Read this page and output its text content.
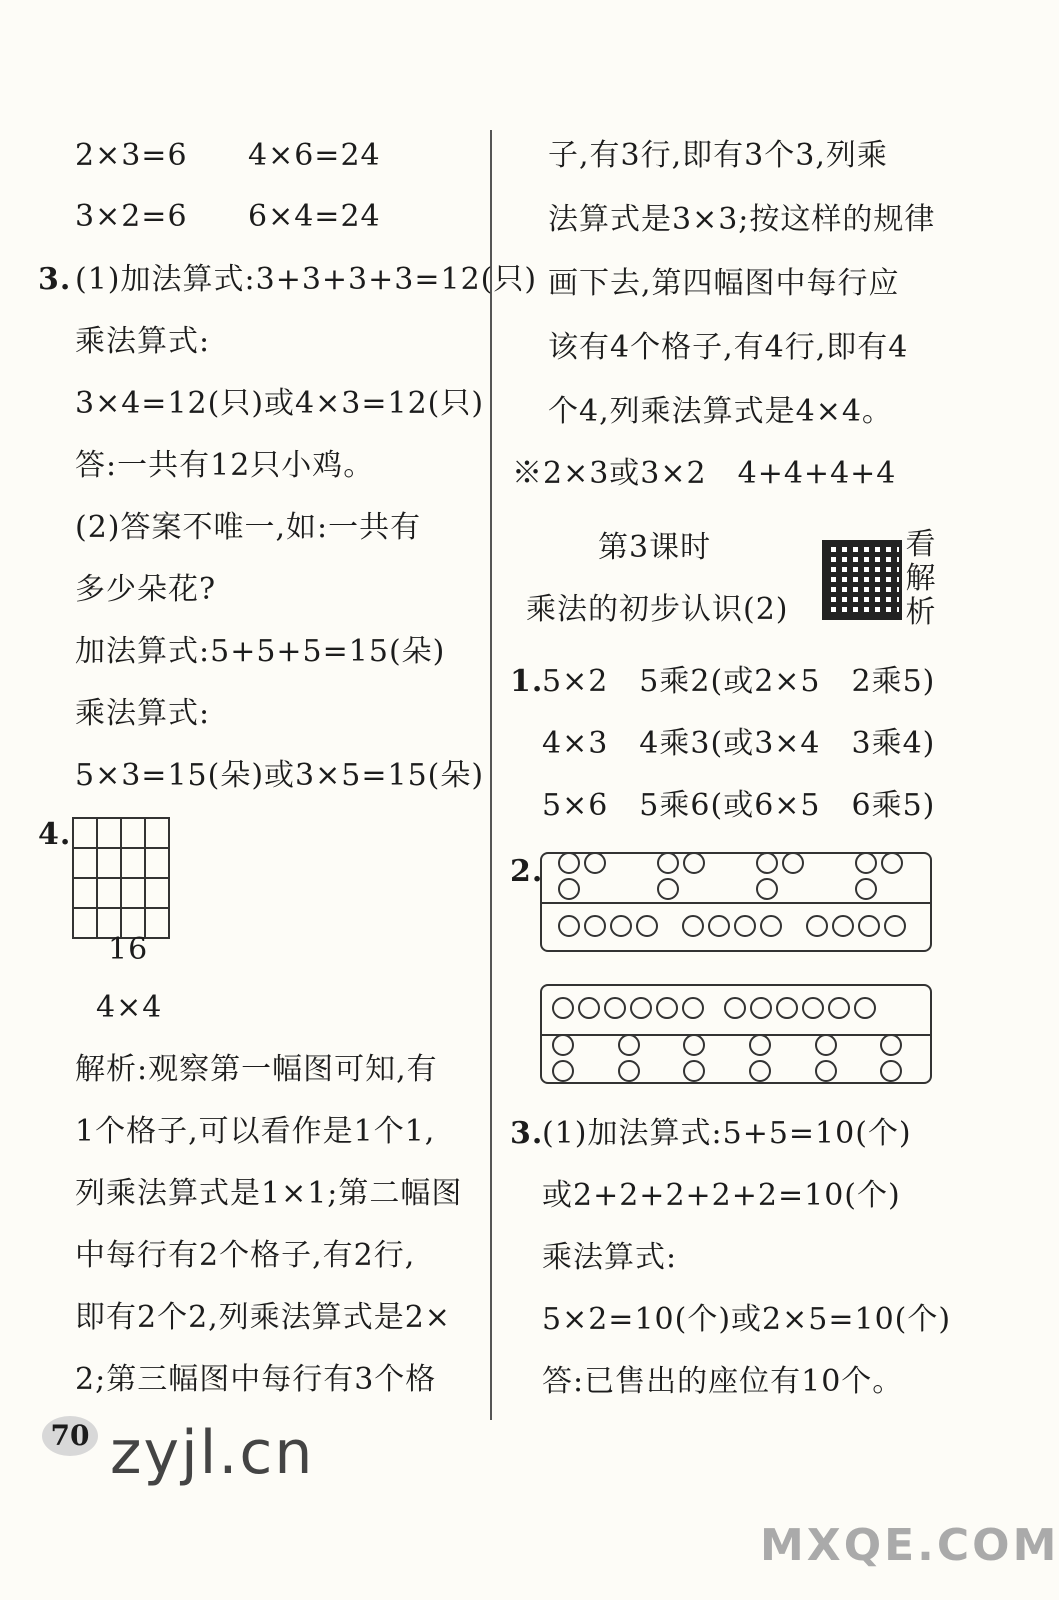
2×3=6 4×6=24
3×2=6 6×4=24
3. (1)加法算式:3+3+3+3=12(只)
乘法算式:
3×4=12(只)或4×3=12(只)
答:一共有12只小鸡。
(2)答案不唯一,如:一共有
多少朵花?
加法算式:5+5+5=15(朵)
乘法算式:
5×3=15(朵)或3×5=15(朵)
4.

16
4×4
解析:观察第一幅图可知,有
1个格子,可以看作是1个1,
列乘法算式是1×1;第二幅图
中每行有2个格子,有2行,
即有2个2,列乘法算式是2×
2;第三幅图中每行有3个格
子,有3行,即有3个3,列乘
法算式是3×3;按这样的规律
画下去,第四幅图中每行应
该有4个格子,有4行,即有4
个4,列乘法算式是4×4。
※2×3或3×2　4+4+4+4
第3课时	看解析
乘法的初步认识(2)
1.
5×2　5乘2(或2×5　2乘5)
4×3　4乘3(或3×4　3乘4)
5×6　5乘6(或6×5　6乘5)
2.
3.
(1)加法算式:5+5=10(个)
或2+2+2+2+2=10(个)
乘法算式:
5×2=10(个)或2×5=10(个)
答:已售出的座位有10个。
70 zyjl.cn
MXQE.COM
